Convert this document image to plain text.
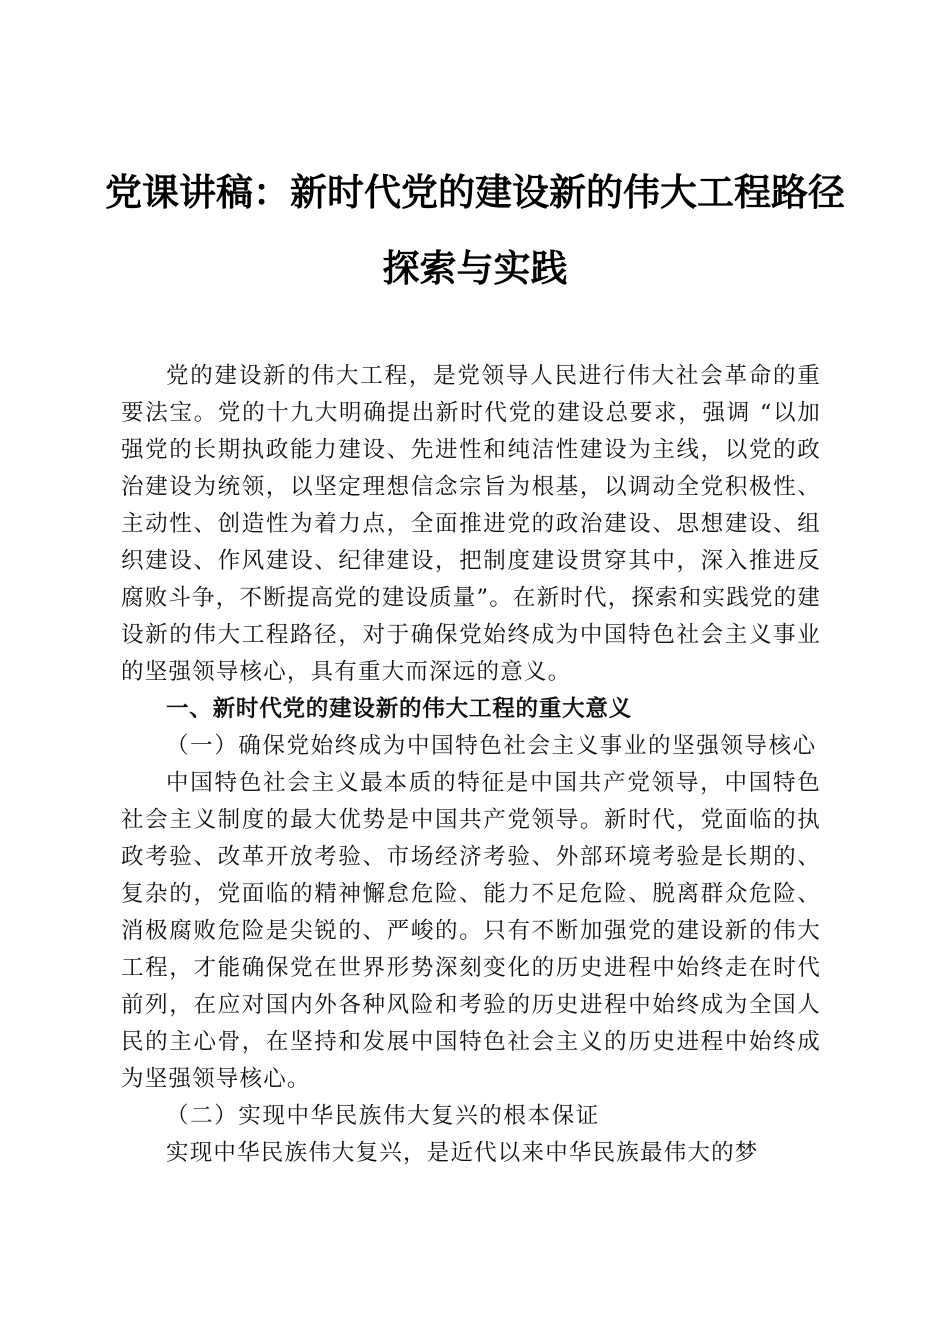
党课讲稿：新时代党的建设新的伟大工程路径
探索与实践

党的建设新的伟大工程，是党领导人民进行伟大社会革命的重要法宝。党的十九大明确提出新时代党的建设总要求，强调 “以加强党的长期执政能力建设、先进性和纯洁性建设为主线，以党的政治建设为统领，以坚定理想信念宗旨为根基，以调动全党积极性、主动性、创造性为着力点，全面推进党的政治建设、思想建设、组织建设、作风建设、纪律建设，把制度建设贯穿其中，深入推进反腐败斗争，不断提高党的建设质量”。在新时代，探索和实践党的建设新的伟大工程路径，对于确保党始终成为中国特色社会主义事业的坚强领导核心，具有重大而深远的意义。

一、新时代党的建设新的伟大工程的重大意义
（一）确保党始终成为中国特色社会主义事业的坚强领导核心

中国特色社会主义最本质的特征是中国共产党领导，中国特色社会主义制度的最大优势是中国共产党领导。新时代，党面临的执政考验、改革开放考验、市场经济考验、外部环境考验是长期的、复杂的，党面临的精神懈怠危险、能力不足危险、脱离群众危险、消极腐败危险是尖锐的、严峻的。只有不断加强党的建设新的伟大工程，才能确保党在世界形势深刻变化的历史进程中始终走在时代前列，在应对国内外各种风险和考验的历史进程中始终成为全国人民的主心骨，在坚持和发展中国特色社会主义的历史进程中始终成为坚强领导核心。

（二）实现中华民族伟大复兴的根本保证

实现中华民族伟大复兴，是近代以来中华民族最伟大的梦
